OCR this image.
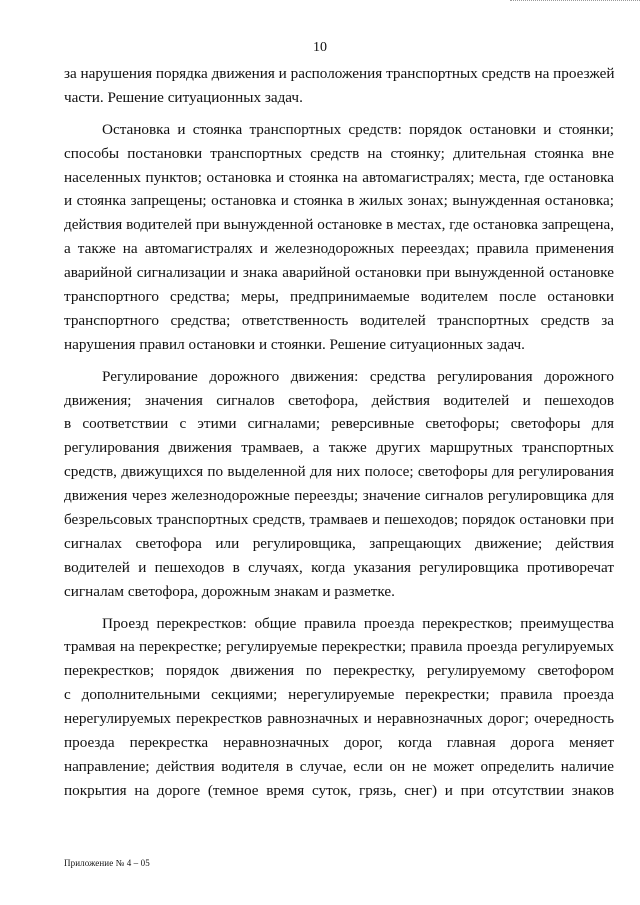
10
за нарушения порядка движения и расположения транспортных средств на проезжей
части. Решение ситуационных задач.
Остановка и стоянка транспортных средств: порядок остановки и стоянки;
способы постановки транспортных средств на стоянку; длительная стоянка вне
населенных пунктов; остановка и стоянка на автомагистралях; места, где остановка
и стоянка запрещены; остановка и стоянка в жилых зонах; вынужденная остановка;
действия водителей при вынужденной остановке в местах, где остановка запрещена,
а также на автомагистралях и железнодорожных переездах; правила применения
аварийной сигнализации и знака аварийной остановки при вынужденной остановке
транспортного средства; меры, предпринимаемые водителем после остановки
транспортного средства; ответственность водителей транспортных средств за
нарушения правил остановки и стоянки. Решение ситуационных задач.
Регулирование дорожного движения: средства регулирования дорожного
движения; значения сигналов светофора, действия водителей и пешеходов
в соответствии с этими сигналами; реверсивные светофоры; светофоры для
регулирования движения трамваев, а также других маршрутных транспортных
средств, движущихся по выделенной для них полосе; светофоры для регулирования
движения через железнодорожные переезды; значение сигналов регулировщика для
безрельсовых транспортных средств, трамваев и пешеходов; порядок остановки при
сигналах светофора или регулировщика, запрещающих движение; действия
водителей и пешеходов в случаях, когда указания регулировщика противоречат
сигналам светофора, дорожным знакам и разметке.
Проезд перекрестков: общие правила проезда перекрестков; преимущества
трамвая на перекрестке; регулируемые перекрестки; правила проезда регулируемых
перекрестков; порядок движения по перекрестку, регулируемому светофором
с дополнительными секциями; нерегулируемые перекрестки; правила проезда
нерегулируемых перекрестков равнозначных и неравнозначных дорог; очередность
проезда перекрестка неравнозначных дорог, когда главная дорога меняет
направление; действия водителя в случае, если он не может определить наличие
покрытия на дороге (темное время суток, грязь, снег) и при отсутствии знаков
Приложение № 4 – 05
